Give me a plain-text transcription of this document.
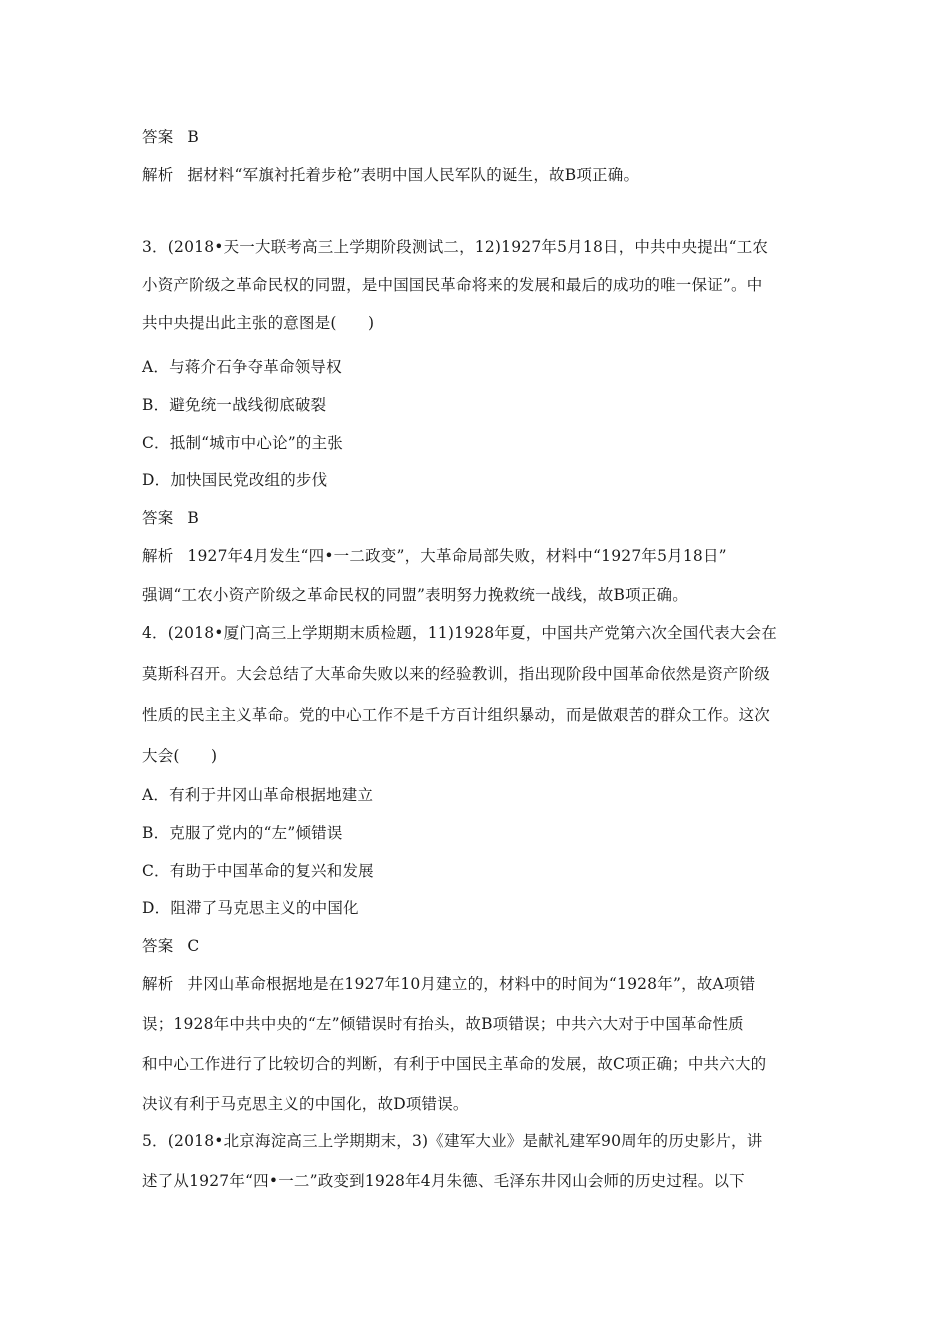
答案 B
解析 据材料“军旗衬托着步枪”表明中国人民军队的诞生，故B项正确。
3．(2018•天一大联考高三上学期阶段测试二，12)1927年5月18日，中共中央提出“工农
小资产阶级之革命民权的同盟，是中国国民革命将来的发展和最后的成功的唯一保证”。中
共中央提出此主张的意图是(　　)
A．与蒋介石争夺革命领导权
B．避免统一战线彻底破裂
C．抵制“城市中心论”的主张
D．加快国民党改组的步伐
答案 B
解析 1927年4月发生“四•一二政变”，大革命局部失败，材料中“1927年5月18日”
强调“工农小资产阶级之革命民权的同盟”表明努力挽救统一战线，故B项正确。
4．(2018•厦门高三上学期期末质检题，11)1928年夏，中国共产党第六次全国代表大会在
莫斯科召开。大会总结了大革命失败以来的经验教训，指出现阶段中国革命依然是资产阶级
性质的民主主义革命。党的中心工作不是千方百计组织暴动，而是做艰苦的群众工作。这次
大会(　　)
A．有利于井冈山革命根据地建立
B．克服了党内的“左”倾错误
C．有助于中国革命的复兴和发展
D．阻滞了马克思主义的中国化
答案 C
解析 井冈山革命根据地是在1927年10月建立的，材料中的时间为“1928年”，故A项错
误；1928年中共中央的“左”倾错误时有抬头，故B项错误；中共六大对于中国革命性质
和中心工作进行了比较切合的判断，有利于中国民主革命的发展，故C项正确；中共六大的
决议有利于马克思主义的中国化，故D项错误。
5．(2018•北京海淀高三上学期期末，3)《建军大业》是献礼建军90周年的历史影片，讲
述了从1927年“四•一二”政变到1928年4月朱德、毛泽东井冈山会师的历史过程。以下
